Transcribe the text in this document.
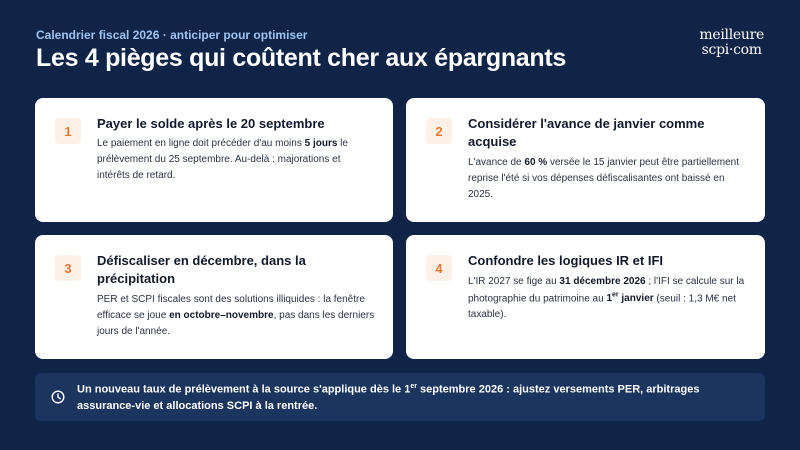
Calendrier fiscal 2026 · anticiper pour optimiser
Les 4 pièges qui coûtent cher aux épargnants
meilleure
scpi·com
1	Payer le solde après le 20 septembre
Le paiement en ligne doit précéder d'au moins 5 jours le prélèvement du 25 septembre. Au-delà : majorations et intérêts de retard.
2	Considérer l'avance de janvier comme acquise
L'avance de 60 % versée le 15 janvier peut être partiellement reprise l'été si vos dépenses défiscalisantes ont baissé en 2025.
3	Défiscaliser en décembre, dans la précipitation
PER et SCPI fiscales sont des solutions illiquides : la fenêtre efficace se joue en octobre–novembre, pas dans les derniers jours de l'année.
4	Confondre les logiques IR et IFI
L'IR 2027 se fige au 31 décembre 2026 ; l'IFI se calcule sur la photographie du patrimoine au 1er janvier (seuil : 1,3 M€ net taxable).
Un nouveau taux de prélèvement à la source s'applique dès le 1er septembre 2026 : ajustez versements PER, arbitrages assurance-vie et allocations SCPI à la rentrée.
